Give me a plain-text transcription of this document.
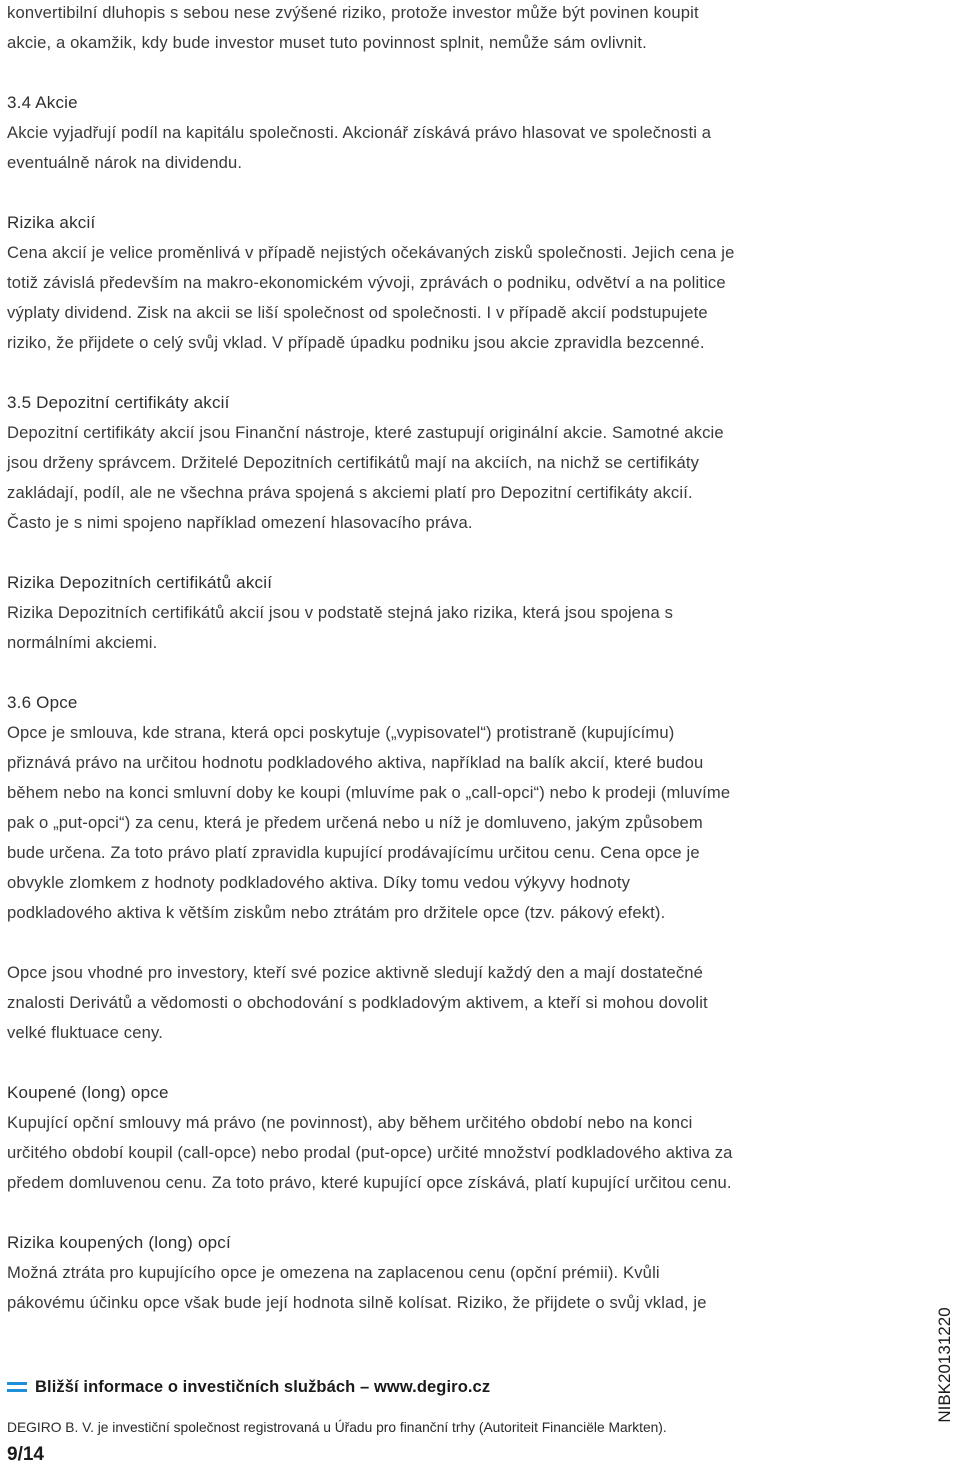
konvertibilní dluhopis s sebou nese zvýšené riziko, protože investor může být povinen koupit
akcie, a okamžik, kdy bude investor muset tuto povinnost splnit, nemůže sám ovlivnit.
3.4 Akcie
Akcie vyjadřují podíl na kapitálu společnosti. Akcionář získává právo hlasovat ve společnosti a
eventuálně nárok na dividendu.
Rizika akcií
Cena akcií je velice proměnlivá v případě nejistých očekávaných zisků společnosti. Jejich cena je
totiž závislá především na makro-ekonomickém vývoji, zprávách o podniku, odvětví a na politice
výplaty dividend. Zisk na akcii se liší společnost od společnosti. I v případě akcií podstupujete
riziko, že přijdete o celý svůj vklad. V případě úpadku podniku jsou akcie zpravidla bezcenné.
3.5 Depozitní certifikáty akcií
Depozitní certifikáty akcií jsou Finanční nástroje, které zastupují originální akcie. Samotné akcie
jsou drženy správcem. Držitelé Depozitních certifikátů mají na akciích, na nichž se certifikáty
zakládají, podíl, ale ne všechna práva spojená s akciemi platí pro Depozitní certifikáty akcií.
Často je s nimi spojeno například omezení hlasovacího práva.
Rizika Depozitních certifikátů akcií
Rizika Depozitních certifikátů akcií jsou v podstatě stejná jako rizika, která jsou spojena s
normálními akciemi.
3.6 Opce
Opce je smlouva, kde strana, která opci poskytuje („vypisovatel“) protistraně (kupujícímu)
přiznává právo na určitou hodnotu podkladového aktiva, například na balík akcií, které budou
během nebo na konci smluvní doby ke koupi (mluvíme pak o „call-opci“) nebo k prodeji (mluvíme
pak o „put-opci“) za cenu, která je předem určená nebo u níž je domluveno, jakým způsobem
bude určena. Za toto právo platí zpravidla kupující prodávajícímu určitou cenu. Cena opce je
obvykle zlomkem z hodnoty podkladového aktiva. Díky tomu vedou výkyvy hodnoty
podkladového aktiva k větším ziskům nebo ztrátám pro držitele opce (tzv. pákový efekt).
Opce jsou vhodné pro investory, kteří své pozice aktivně sledují každý den a mají dostatečné
znalosti Derivátů a vědomosti o obchodování s podkladovým aktivem, a kteří si mohou dovolit
velké fluktuace ceny.
Koupené (long) opce
Kupující opční smlouvy má právo (ne povinnost), aby během určitého období nebo na konci
určitého období koupil (call-opce) nebo prodal (put-opce) určité množství podkladového aktiva za
předem domluvenou cenu. Za toto právo, které kupující opce získává, platí kupující určitou cenu.
Rizika koupených (long) opcí
Možná ztráta pro kupujícího opce je omezena na zaplacenou cenu (opční prémii). Kvůli
pákovému účinku opce však bude její hodnota silně kolísat. Riziko, že přijdete o svůj vklad, je
Bližší informace o investičních službách – www.degiro.cz
DEGIRO B. V. je investiční společnost registrovaná u Úřadu pro finanční trhy (Autoriteit Financiële Markten).
9/14
NIBK20131220
